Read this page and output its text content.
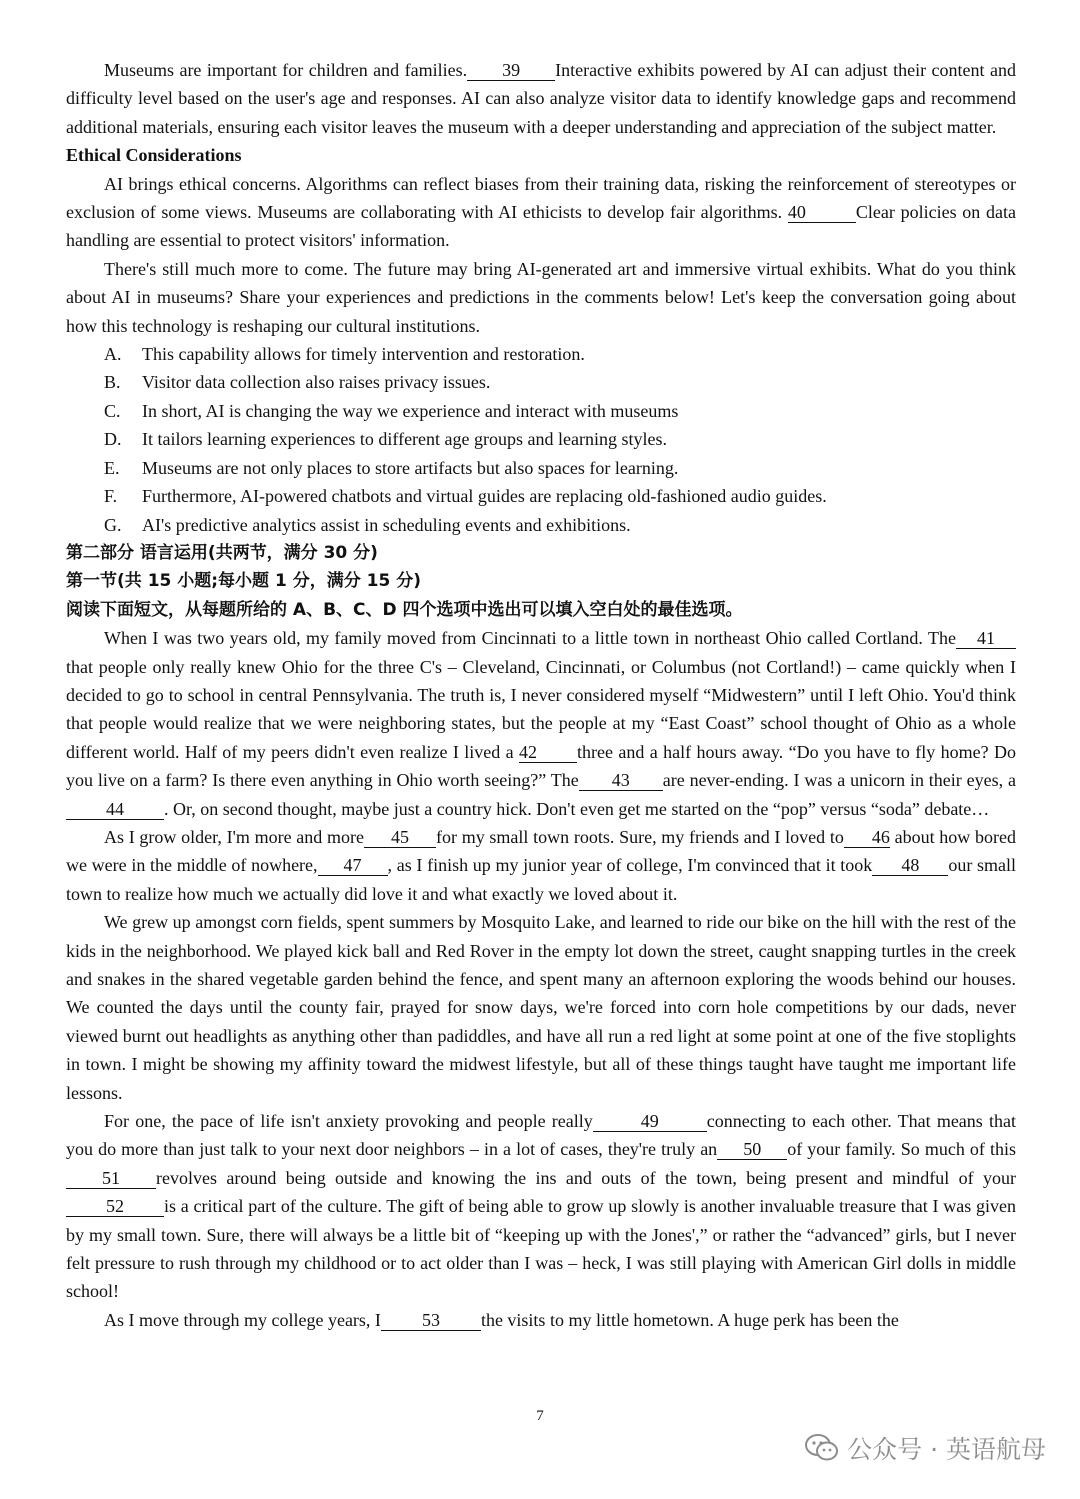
Museums are important for children and families. 39 Interactive exhibits powered by AI can adjust their content and difficulty level based on the user's age and responses. AI can also analyze visitor data to identify knowledge gaps and recommend additional materials, ensuring each visitor leaves the museum with a deeper understanding and appreciation of the subject matter.

Ethical Considerations

AI brings ethical concerns. Algorithms can reflect biases from their training data, risking the reinforcement of stereotypes or exclusion of some views. Museums are collaborating with AI ethicists to develop fair algorithms. 40	Clear policies on data handling are essential to protect visitors' information.

There's still much more to come. The future may bring AI-generated art and immersive virtual exhibits. What do you think about AI in museums? Share your experiences and predictions in the comments below! Let's keep the conversation going about how this technology is reshaping our cultural institutions.

A.	This capability allows for timely intervention and restoration.
B.	Visitor data collection also raises privacy issues.
C.	In short, AI is changing the way we experience and interact with museums
D.	It tailors learning experiences to different age groups and learning styles.
E.	Museums are not only places to store artifacts but also spaces for learning.
F.	Furthermore, AI-powered chatbots and virtual guides are replacing old-fashioned audio guides.
G.	AI's predictive analytics assist in scheduling events and exhibitions.

第二部分 语言运用(共两节，满分 30 分)

第一节(共 15 小题;每小题 1 分，满分 15 分)

阅读下面短文，从每题所给的 A、B、C、D 四个选项中选出可以填入空白处的最佳选项。

When I was two years old, my family moved from Cincinnati to a little town in northeast Ohio called Cortland. The 41that people only really knew Ohio for the three C's – Cleveland, Cincinnati, or Columbus (not Cortland!) – came quickly when I decided to go to school in central Pennsylvania. The truth is, I never considered myself “Midwestern” until I left Ohio. You'd think that people would realize that we were neighboring states, but the people at my “East Coast” school thought of Ohio as a whole different world. Half of my peers didn't even realize I lived a 42 three and a half hours away. “Do you have to fly home? Do you live on a farm? Is there even anything in Ohio worth seeing?” The 43 are never-ending. I was a unicorn in their eyes, a44 . Or, on second thought, maybe just a country hick. Don't even get me started on the “pop” versus “soda” debate…

As I grow older, I'm more and more 45 for my small town roots. Sure, my friends and I loved to 46 about how bored we were in the middle of nowhere, 47 , as I finish up my junior year of college, I'm convinced that it took 48 our small town to realize how much we actually did love it and what exactly we loved about it.

We grew up amongst corn fields, spent summers by Mosquito Lake, and learned to ride our bike on the hill with the rest of the kids in the neighborhood. We played kick ball and Red Rover in the empty lot down the street, caught snapping turtles in the creek and snakes in the shared vegetable garden behind the fence, and spent many an afternoon exploring the woods behind our houses. We counted the days until the county fair, prayed for snow days, we're forced into corn hole competitions by our dads, never viewed burnt out headlights as anything other than padiddles, and have all run a red light at some point at one of the five stoplights in town. I might be showing my affinity toward the midwest lifestyle, but all of these things taught have taught me important life lessons.

For one, the pace of life isn't anxiety provoking and people really	49	connecting to each other. That means that you do more than just talk to your next door neighbors – in a lot of cases, they're truly an 50 of your family. So much of this51 revolves around being outside and knowing the ins and outs of the town, being present and mindful of your52 is a critical part of the culture. The gift of being able to grow up slowly is another invaluable treasure that I was given by my small town. Sure, there will always be a little bit of “keeping up with the Jones',” or rather the “advanced” girls, but I never felt pressure to rush through my childhood or to act older than I was – heck, I was still playing with American Girl dolls in middle school!

As I move through my college years, I 53 the visits to my little hometown. A huge perk has been the

7
公众号 · 英语航母
